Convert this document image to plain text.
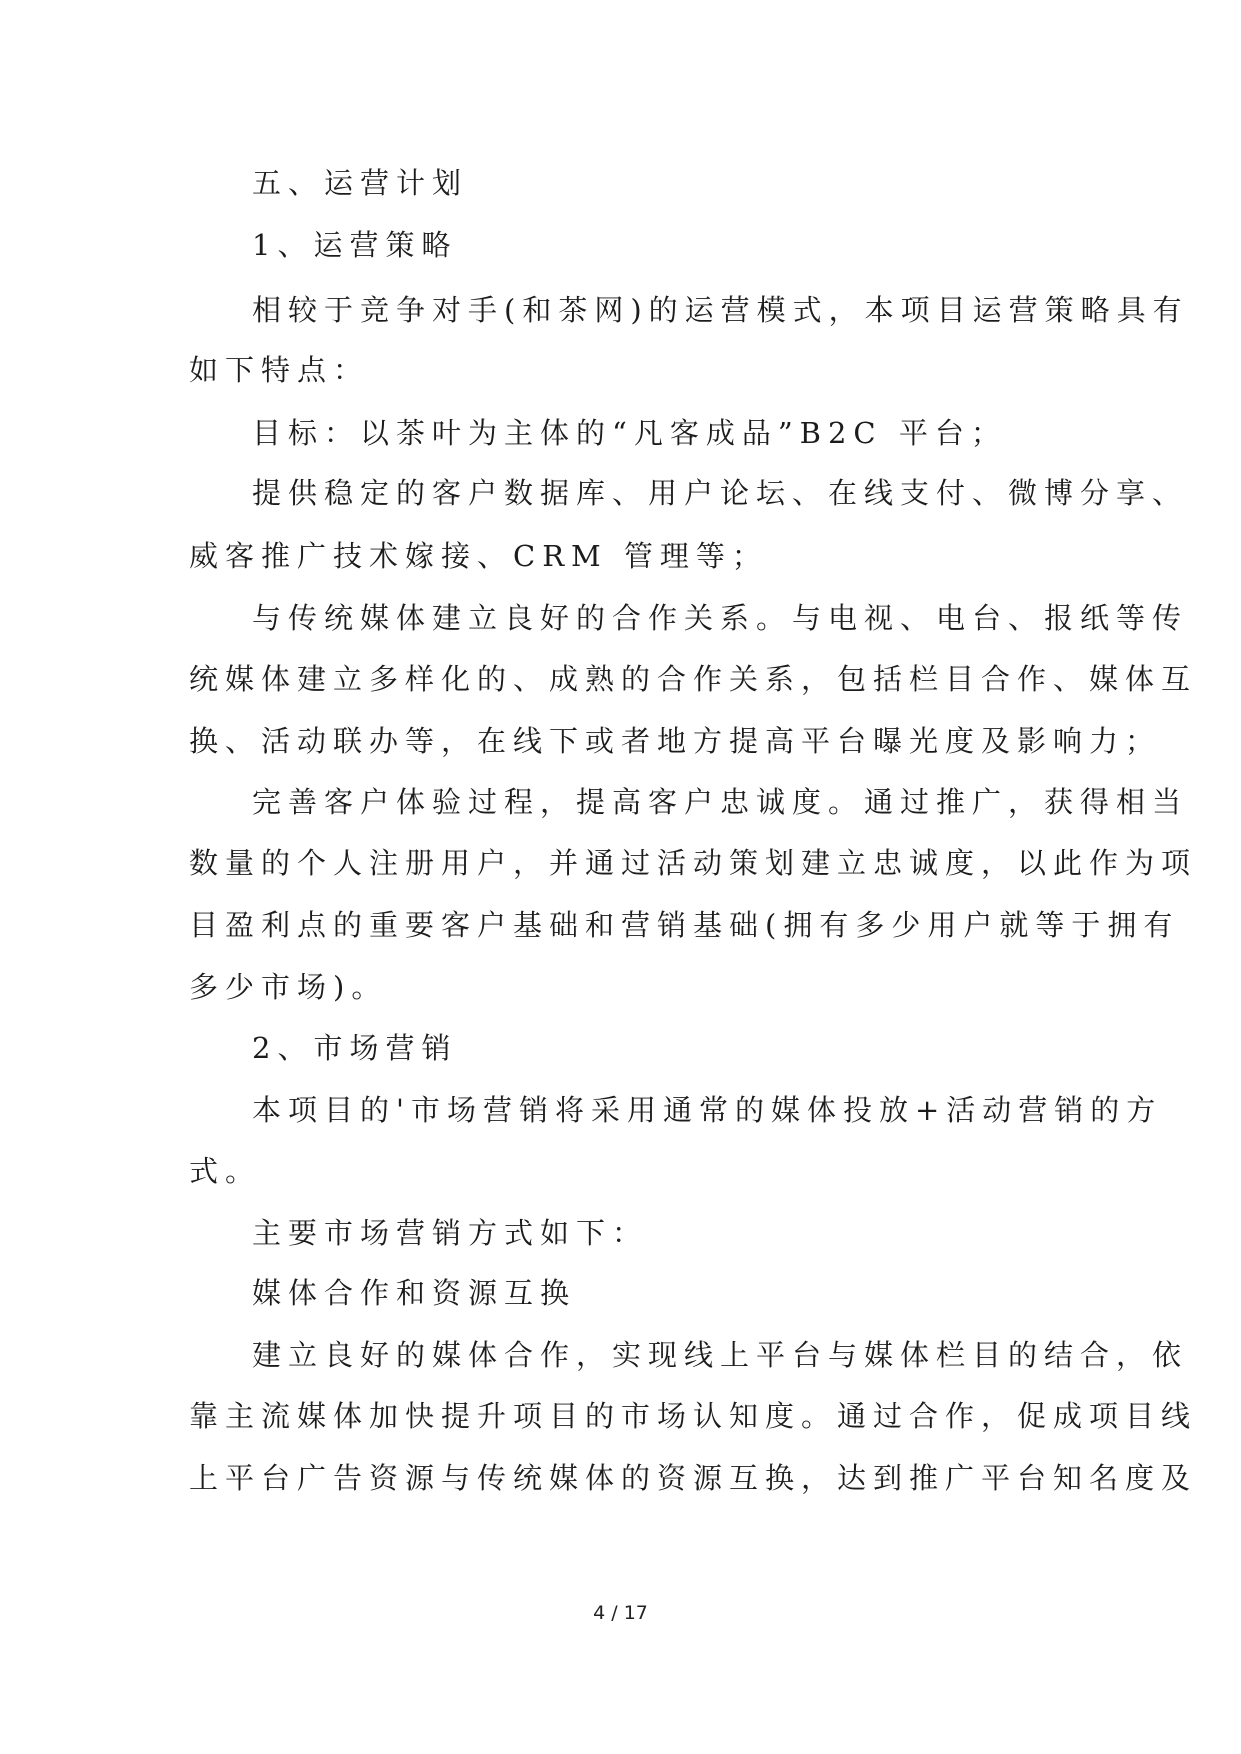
五、运营计划

1、运营策略

相较于竞争对手(和茶网)的运营模式，本项目运营策略具有

如下特点：

目标：以茶叶为主体的“凡客成品”B2C 平台；

提供稳定的客户数据库、用户论坛、在线支付、微博分享、

威客推广技术嫁接、CRM 管理等；

与传统媒体建立良好的合作关系。与电视、电台、报纸等传

统媒体建立多样化的、成熟的合作关系，包括栏目合作、媒体互

换、活动联办等，在线下或者地方提高平台曝光度及影响力；

完善客户体验过程，提高客户忠诚度。通过推广，获得相当

数量的个人注册用户，并通过活动策划建立忠诚度，以此作为项

目盈利点的重要客户基础和营销基础(拥有多少用户就等于拥有

多少市场)。

2、市场营销

本项目的'市场营销将采用通常的媒体投放+活动营销的方

式。

主要市场营销方式如下：

媒体合作和资源互换

建立良好的媒体合作，实现线上平台与媒体栏目的结合，依

靠主流媒体加快提升项目的市场认知度。通过合作，促成项目线

上平台广告资源与传统媒体的资源互换，达到推广平台知名度及

4 / 17
